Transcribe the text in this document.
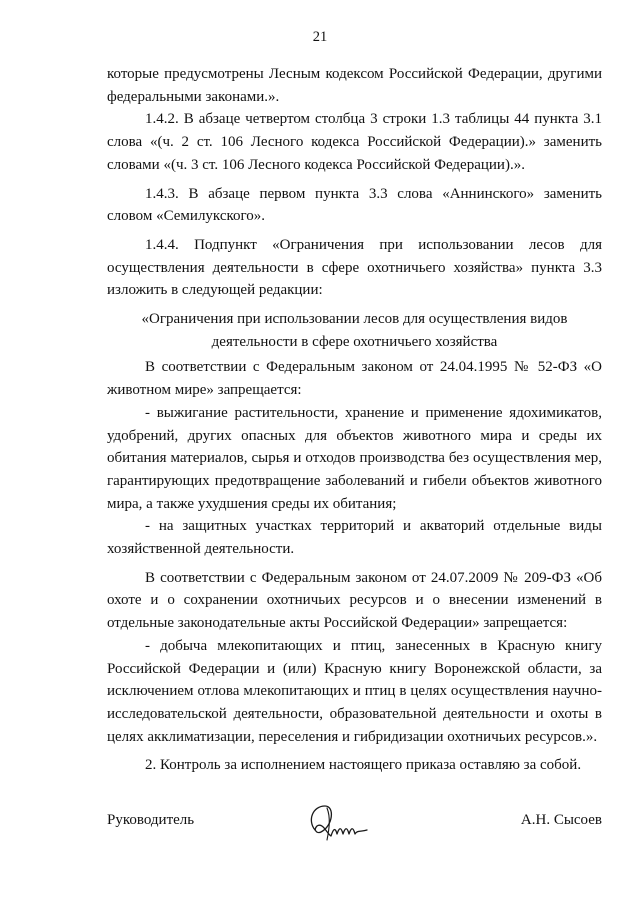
21

которые предусмотрены Лесным кодексом Российской Федерации, другими федеральными законами.».

1.4.2. В абзаце четвертом столбца 3 строки 1.3 таблицы 44 пункта 3.1 слова «(ч. 2 ст. 106 Лесного кодекса Российской Федерации).» заменить словами «(ч. 3 ст. 106 Лесного кодекса Российской Федерации).».

1.4.3. В абзаце первом пункта 3.3 слова «Аннинского» заменить словом «Семилукского».

1.4.4. Подпункт «Ограничения при использовании лесов для осуществления деятельности в сфере охотничьего хозяйства» пункта 3.3 изложить в следующей редакции:

«Ограничения при использовании лесов для осуществления видов деятельности в сфере охотничьего хозяйства

В соответствии с Федеральным законом от 24.04.1995 № 52-ФЗ «О животном мире» запрещается:

- выжигание растительности, хранение и применение ядохимикатов, удобрений, других опасных для объектов животного мира и среды их обитания материалов, сырья и отходов производства без осуществления мер, гарантирующих предотвращение заболеваний и гибели объектов животного мира, а также ухудшения среды их обитания;

- на защитных участках территорий и акваторий отдельные виды хозяйственной деятельности.

В соответствии с Федеральным законом от 24.07.2009 № 209-ФЗ «Об охоте и о сохранении охотничьих ресурсов и о внесении изменений в отдельные законодательные акты Российской Федерации» запрещается:

- добыча млекопитающих и птиц, занесенных в Красную книгу Российской Федерации и (или) Красную книгу Воронежской области, за исключением отлова млекопитающих и птиц в целях осуществления научно-исследовательской деятельности, образовательной деятельности и охоты в целях акклиматизации, переселения и гибридизации охотничьих ресурсов.».

2. Контроль за исполнением настоящего приказа оставляю за собой.

Руководитель	А.Н. Сысоев
